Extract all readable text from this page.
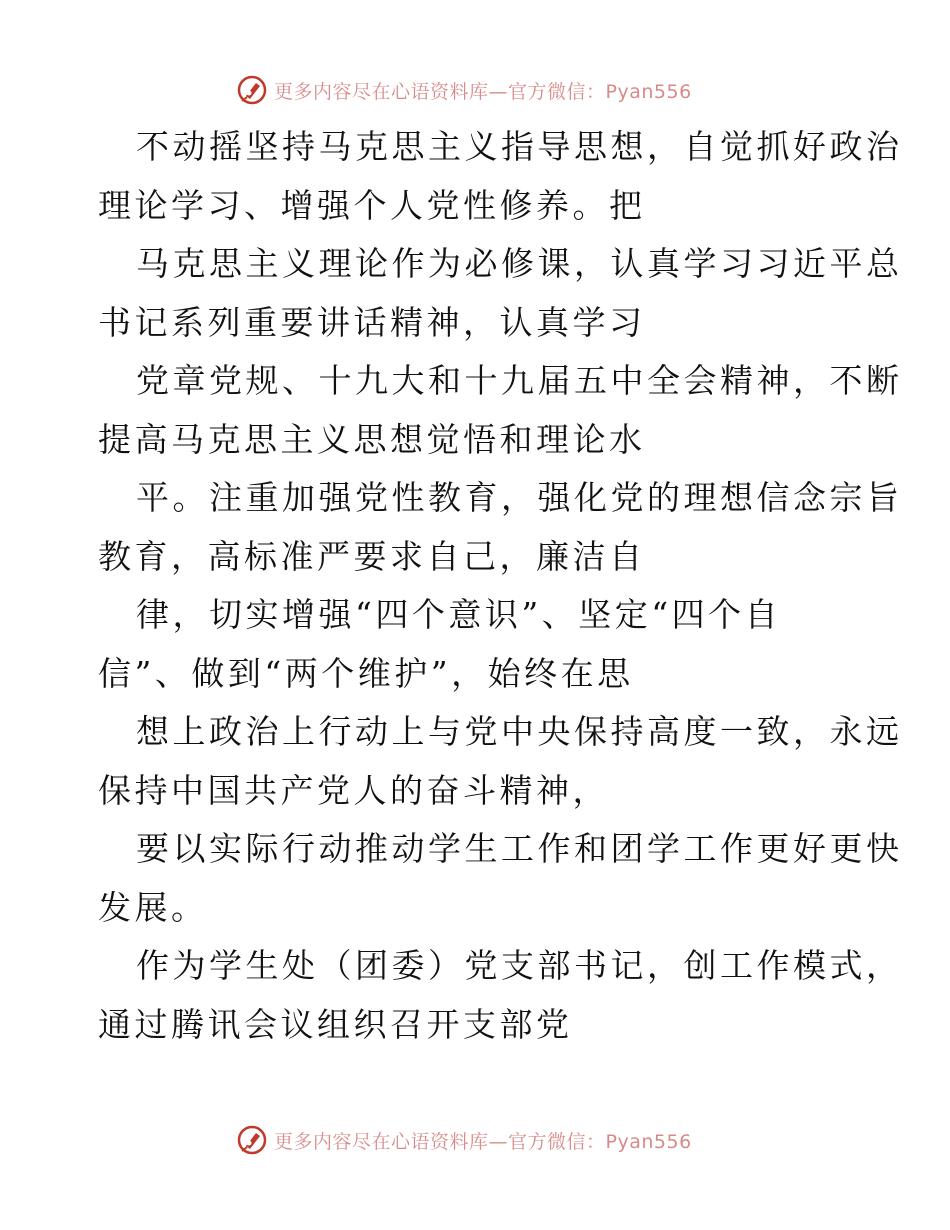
更多内容尽在心语资料库—官方微信：Pyan556
不动摇坚持马克思主义指导思想，自觉抓好政治
理论学习、增强个人党性修养。把
马克思主义理论作为必修课，认真学习习近平总
书记系列重要讲话精神，认真学习
党章党规、十九大和十九届五中全会精神，不断
提高马克思主义思想觉悟和理论水
平。注重加强党性教育，强化党的理想信念宗旨
教育，高标准严要求自己，廉洁自
律，切实增强“四个意识”、坚定“四个自
信”、做到“两个维护”，始终在思
想上政治上行动上与党中央保持高度一致，永远
保持中国共产党人的奋斗精神，
要以实际行动推动学生工作和团学工作更好更快
发展。
作为学生处（团委）党支部书记，创工作模式，
通过腾讯会议组织召开支部党
更多内容尽在心语资料库—官方微信：Pyan556
